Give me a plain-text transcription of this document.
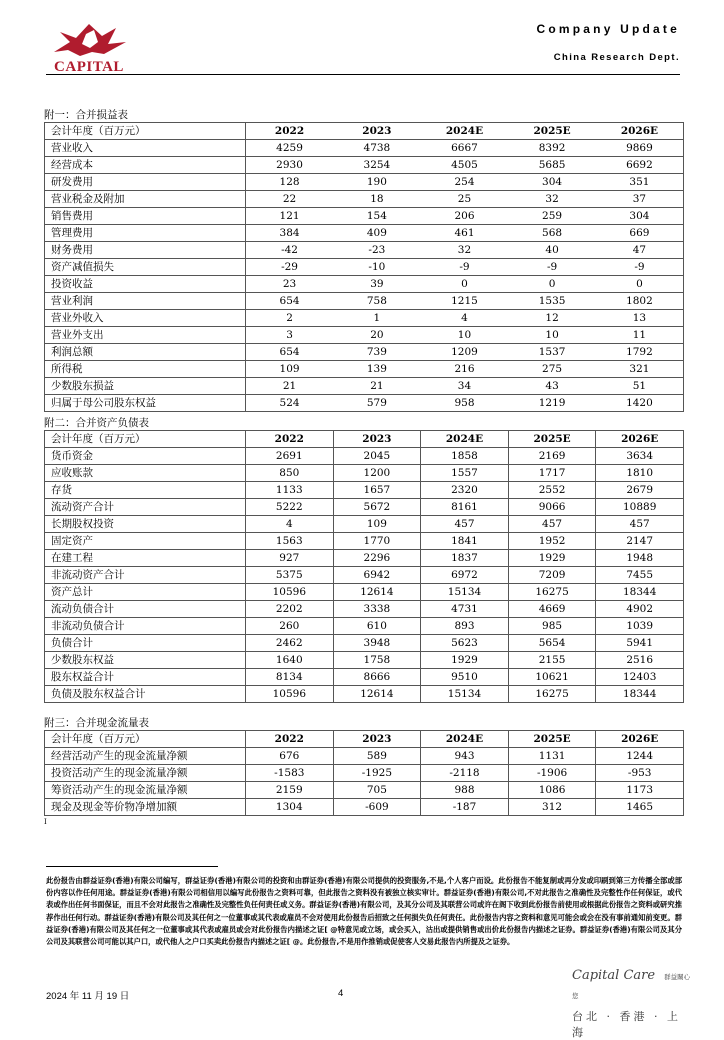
CAPITAL
Company Update
China Research Dept.
附一：合并损益表
会计年度（百万元）	2022	2023	2024E	2025E	2026E
营业收入	4259	4738	6667	8392	9869
经营成本	2930	3254	4505	5685	6692
研发费用	128	190	254	304	351
营业税金及附加	22	18	25	32	37
销售费用	121	154	206	259	304
管理费用	384	409	461	568	669
财务费用	-42	-23	32	40	47
资产减值损失	-29	-10	-9	-9	-9
投资收益	23	39	0	0	0
营业利润	654	758	1215	1535	1802
营业外收入	2	1	4	12	13
营业外支出	3	20	10	10	11
利润总额	654	739	1209	1537	1792
所得税	109	139	216	275	321
少数股东损益	21	21	34	43	51
归属于母公司股东权益	524	579	958	1219	1420
附二：合并资产负债表
会计年度（百万元）	2022	2023	2024E	2025E	2026E
货币资金	2691	2045	1858	2169	3634
应收账款	850	1200	1557	1717	1810
存货	1133	1657	2320	2552	2679
流动资产合计	5222	5672	8161	9066	10889
长期股权投资	4	109	457	457	457
固定资产	1563	1770	1841	1952	2147
在建工程	927	2296	1837	1929	1948
非流动资产合计	5375	6942	6972	7209	7455
资产总计	10596	12614	15134	16275	18344
流动负债合计	2202	3338	4731	4669	4902
非流动负债合计	260	610	893	985	1039
负债合计	2462	3948	5623	5654	5941
少数股东权益	1640	1758	1929	2155	2516
股东权益合计	8134	8666	9510	10621	12403
负债及股东权益合计	10596	12614	15134	16275	18344
附三：合并现金流量表
会计年度（百万元）	2022	2023	2024E	2025E	2026E
经营活动产生的现金流量净额	676	589	943	1131	1244
投资活动产生的现金流量净额	-1583	-1925	-2118	-1906	-953
筹资活动产生的现金流量净额	2159	705	988	1086	1173
现金及现金等价物净增加额	1304	-609	-187	312	1465
I
此份报告由群益证券(香港)有限公司编写，群益证券(香港)有限公司的投资和由群证券(香港)有限公司提供的投资服务,不是,个人客户而设。此份报告不能复制或再分发或印刷到第三方传播全部或部份内容以作任何用途。群益证券(香港)有限公司相信用以编写此份报告之资料可靠，但此报告之资料没有被独立核实审计。群益证券(香港)有限公司,不对此报告之准确性及完整性作任何保证，或代表或作出任何书面保证，而且不会对此报告之准确性及完整性负任何责任或义务。群益证券(香港)有限公司，及其分公司及其联营公司或许在阁下收到此份报告前使用或根据此份报告之资料或研究推荐作出任何行动。群益证券(香港)有限公司及其任何之一位董事或其代表或雇员不会对使用此份报告后招致之任何损失负任何责任。此份报告内容之资料和意见可能会或会在没有事前通知前变更。群益证券(香港)有限公司及其任何之一位董事或其代表或雇员或会对此份报告内描述之证[ @特意见或立场，或会买入，沽出或提供销售或出价此份报告内描述之证券。群益证券(香港)有限公司及其分公司及其联营公司可能以其户口，或代他人之户口买卖此份报告内描述之证[ @。此份报告,不是用作推销或促使客人交易此报告内所提及之证券。
2024 年 11 月 19 日	4
Capital Care 群益關心您
台北 · 香港 · 上海
